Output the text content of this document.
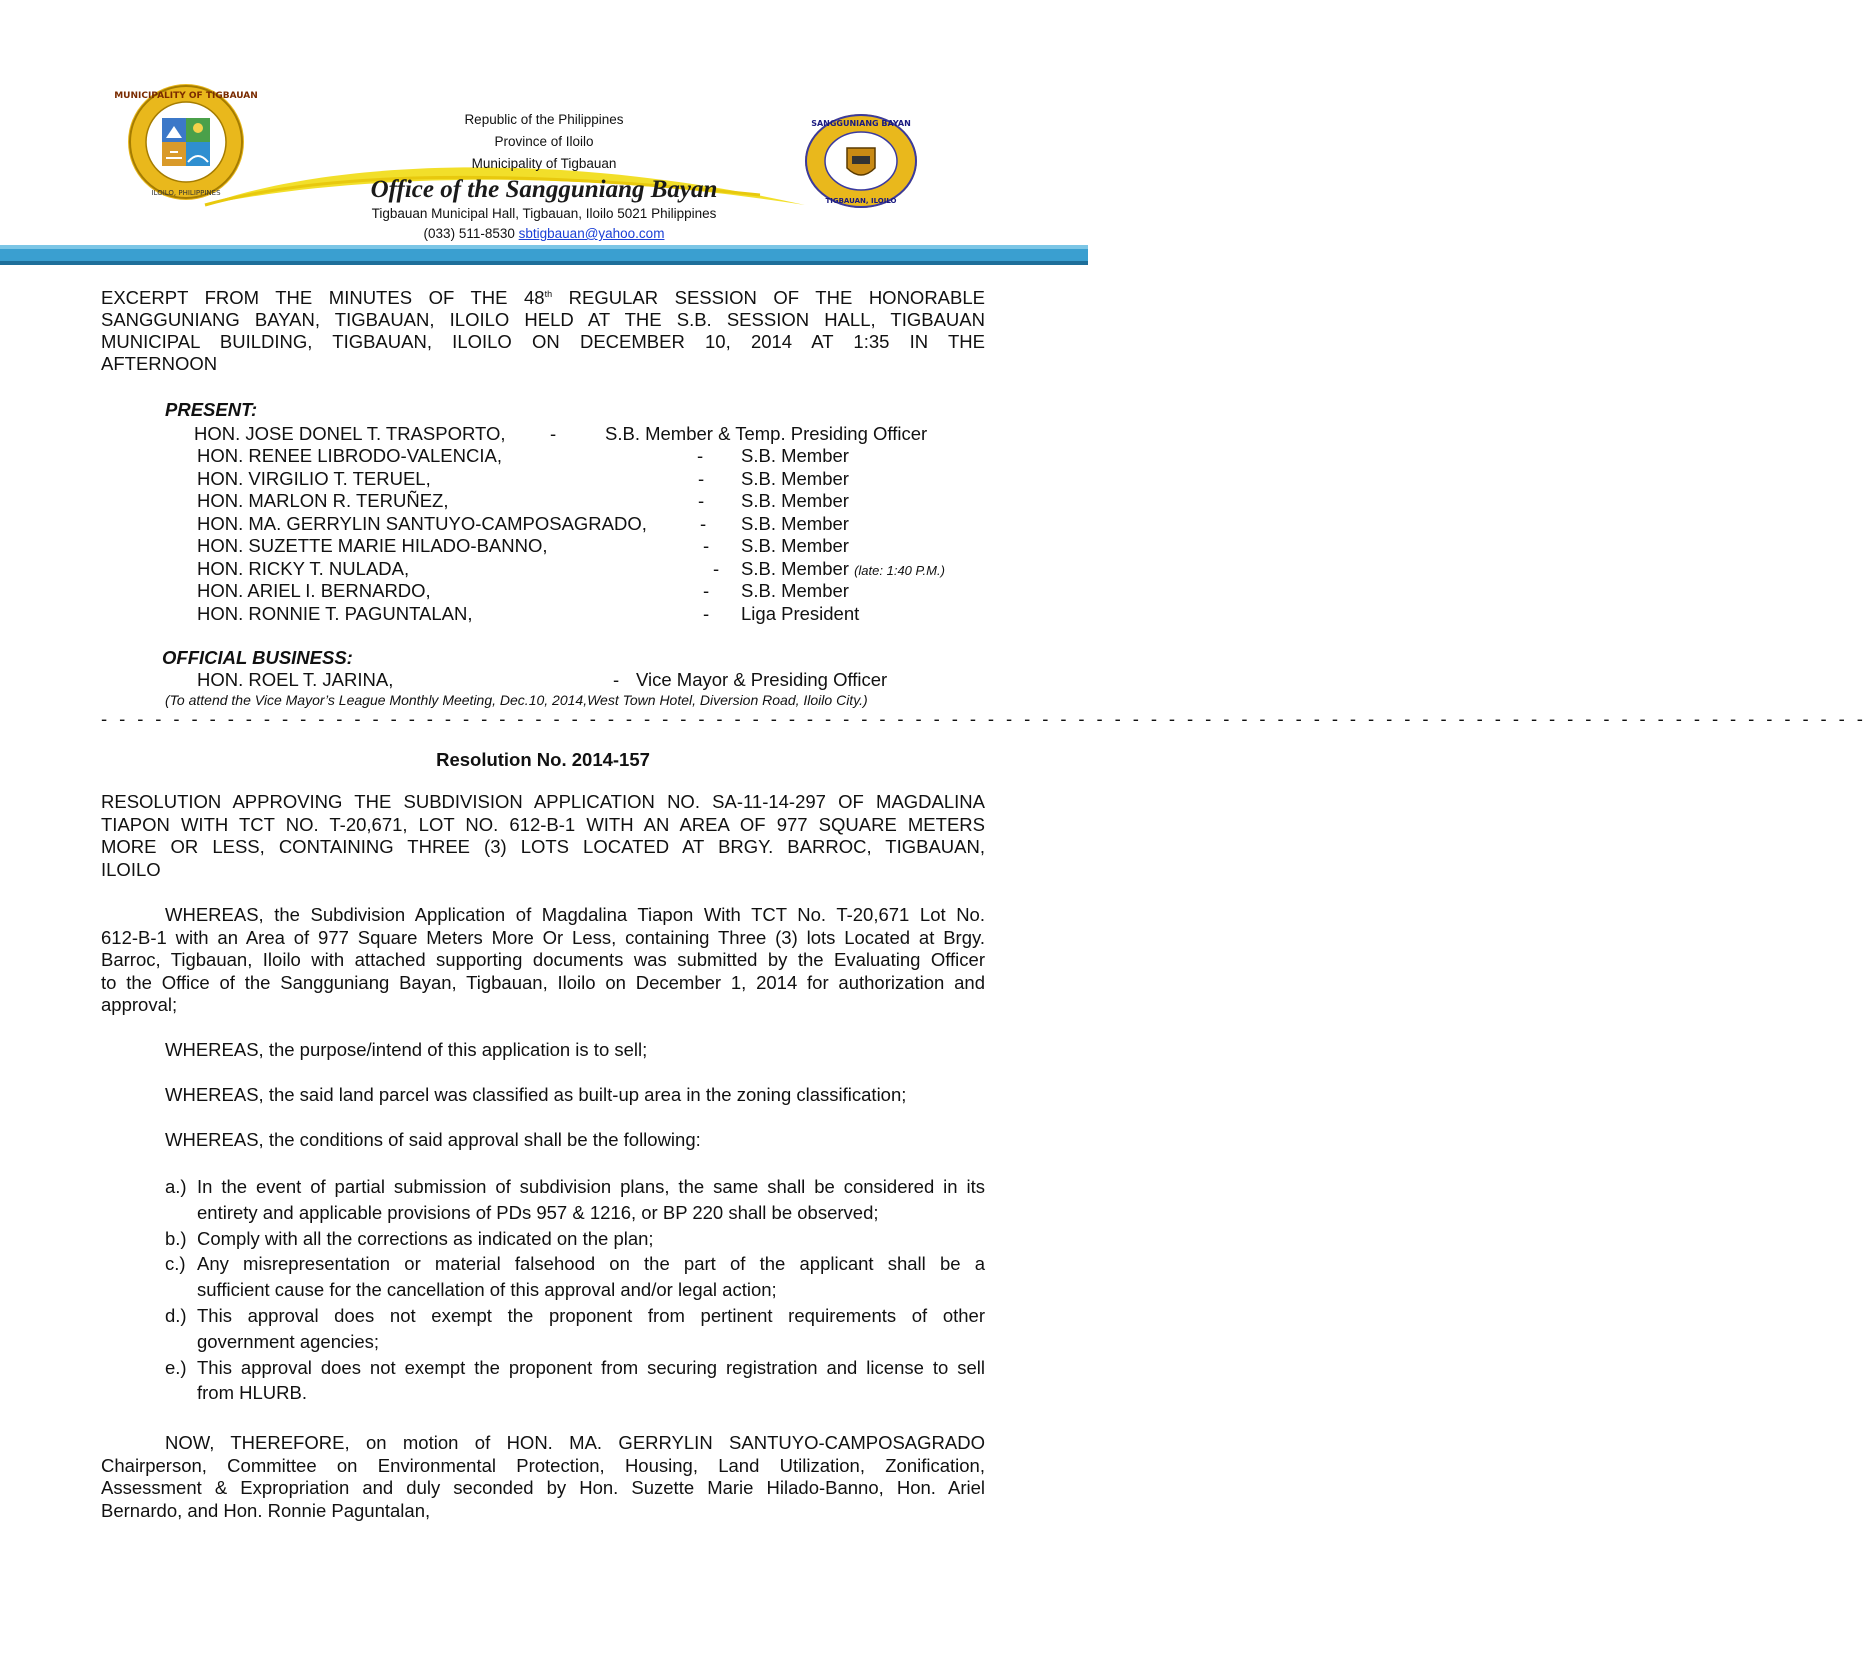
MUNICIPALITY OF TIGBAUAN
ILOILO, PHILIPPINES
SANGGUNIANG BAYAN
TIGBAUAN, ILOILO
Republic of the Philippines
Province of Iloilo
Municipality of Tigbauan
Office of the Sangguniang Bayan
Tigbauan Municipal Hall, Tigbauan, Iloilo 5021 Philippines
(033) 511-8530 sbtigbauan@yahoo.com
EXCERPT FROM THE MINUTES OF THE 48th REGULAR SESSION OF THE HONORABLE
SANGGUNIANG BAYAN, TIGBAUAN, ILOILO HELD AT THE S.B. SESSION HALL, TIGBAUAN
MUNICIPAL BUILDING, TIGBAUAN, ILOILO ON DECEMBER 10, 2014 AT 1:35 IN THE
AFTERNOON
PRESENT:
HON. JOSE DONEL T. TRASPORTO, -	S.B. Member & Temp. Presiding Officer
HON. RENEE LIBRODO-VALENCIA,	- S.B. Member
HON. VIRGILIO T. TERUEL,	- S.B. Member
HON. MARLON R. TERUÑEZ,	- S.B. Member
HON. MA. GERRYLIN SANTUYO-CAMPOSAGRADO,	- S.B. Member
HON. SUZETTE MARIE HILADO-BANNO,	- S.B. Member
HON. RICKY T. NULADA,	- S.B. Member (late: 1:40 P.M.)
HON. ARIEL I. BERNARDO,	- S.B. Member
HON. RONNIE T. PAGUNTALAN,	- Liga President
OFFICIAL BUSINESS:
HON. ROEL T. JARINA,	- Vice Mayor & Presiding Officer
(To attend the Vice Mayor’s League Monthly Meeting, Dec.10, 2014,West Town Hotel, Diversion Road, Iloilo City.)
- - - - - - - - - - - - - - - - - - - - - - - - - - - - - - - - - - - - - - - - - - - - - - - - - - - - - - - - - - - - - - - - - - - - - - - - - - - - - - - - - - - - - - - - - - - - - - - - - -
Resolution No. 2014-157
RESOLUTION APPROVING THE SUBDIVISION APPLICATION NO. SA-11-14-297 OF MAGDALINA
TIAPON WITH TCT NO. T-20,671, LOT NO. 612-B-1 WITH AN AREA OF 977 SQUARE METERS
MORE OR LESS, CONTAINING THREE (3) LOTS LOCATED AT BRGY. BARROC, TIGBAUAN,
ILOILO
WHEREAS, the Subdivision Application of Magdalina Tiapon With TCT No. T-20,671 Lot No.
612-B-1 with an Area of 977 Square Meters More Or Less, containing Three (3) lots Located at Brgy.
Barroc, Tigbauan, Iloilo with attached supporting documents was submitted by the Evaluating Officer
to the Office of the Sangguniang Bayan, Tigbauan, Iloilo on December 1, 2014 for authorization and
approval;
WHEREAS, the purpose/intend of this application is to sell;
WHEREAS, the said land parcel was classified as built-up area in the zoning classification;
WHEREAS, the conditions of said approval shall be the following:
a.) In the event of partial submission of subdivision plans, the same shall be considered in its
entirety and applicable provisions of PDs 957 & 1216, or BP 220 shall be observed;
b.) Comply with all the corrections as indicated on the plan;
c.) Any misrepresentation or material falsehood on the part of the applicant shall be a
sufficient cause for the cancellation of this approval and/or legal action;
d.) This approval does not exempt the proponent from pertinent requirements of other
government agencies;
e.) This approval does not exempt the proponent from securing registration and license to sell
from HLURB.
NOW, THEREFORE, on motion of HON. MA. GERRYLIN SANTUYO-CAMPOSAGRADO
Chairperson, Committee on Environmental Protection, Housing, Land Utilization, Zonification,
Assessment & Expropriation and duly seconded by Hon. Suzette Marie Hilado-Banno, Hon. Ariel
Bernardo, and Hon. Ronnie Paguntalan,
